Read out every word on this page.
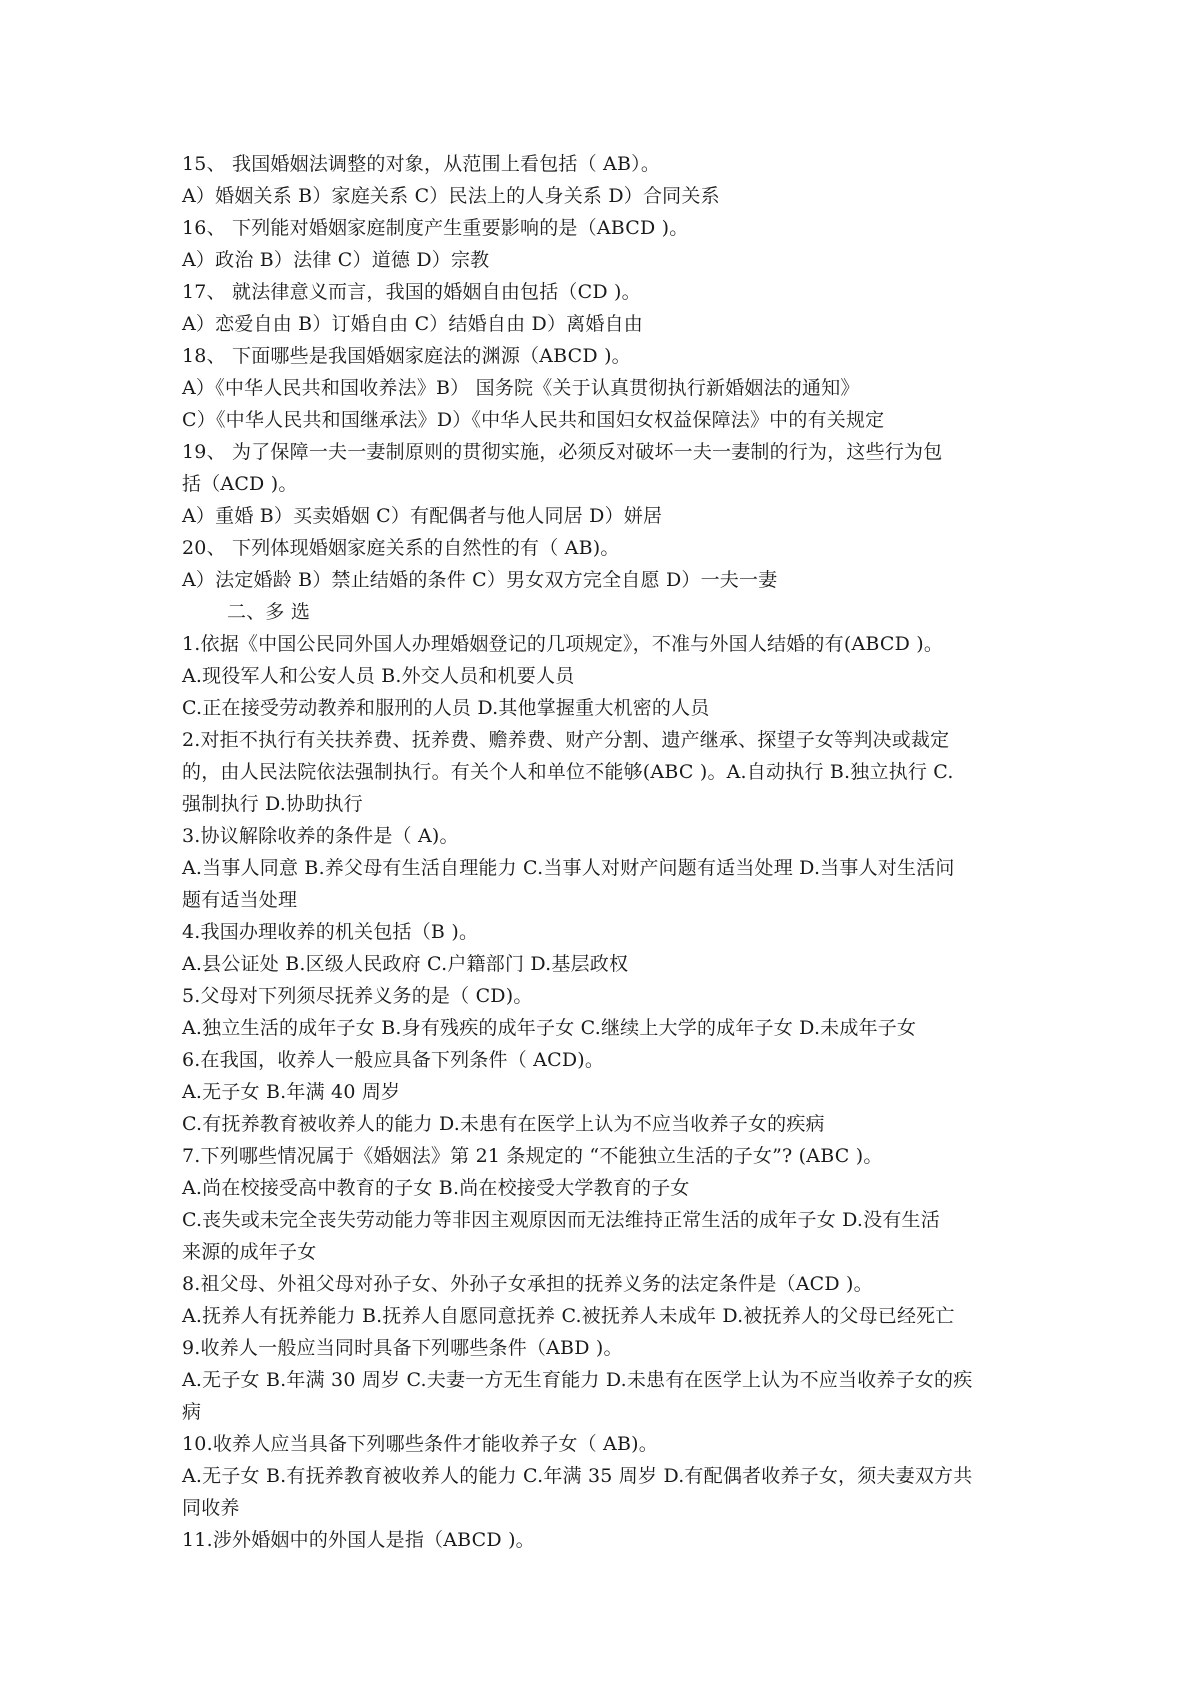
15、 我国婚姻法调整的对象，从范围上看包括（ AB）。
A）婚姻关系 B）家庭关系 C）民法上的人身关系 D）合同关系
16、 下列能对婚姻家庭制度产生重要影响的是（ABCD )。
A）政治 B）法律 C）道德 D）宗教
17、 就法律意义而言，我国的婚姻自由包括（CD )。
A）恋爱自由 B）订婚自由 C）结婚自由 D）离婚自由
18、 下面哪些是我国婚姻家庭法的渊源（ABCD )。
A）《中华人民共和国收养法》B） 国务院《关于认真贯彻执行新婚姻法的通知》
C）《中华人民共和国继承法》D）《中华人民共和国妇女权益保障法》中的有关规定
19、 为了保障一夫一妻制原则的贯彻实施，必须反对破坏一夫一妻制的行为，这些行为包
括（ACD )。
A）重婚 B）买卖婚姻 C）有配偶者与他人同居 D）姘居
20、 下列体现婚姻家庭关系的自然性的有（ AB)。
A）法定婚龄 B）禁止结婚的条件 C）男女双方完全自愿 D）一夫一妻
二、多 选
1.依据《中国公民同外国人办理婚姻登记的几项规定》，不准与外国人结婚的有(ABCD )。
A.现役军人和公安人员 B.外交人员和机要人员
C.正在接受劳动教养和服刑的人员 D.其他掌握重大机密的人员
2.对拒不执行有关扶养费、抚养费、赡养费、财产分割、遗产继承、探望子女等判决或裁定
的，由人民法院依法强制执行。有关个人和单位不能够(ABC )。A.自动执行 B.独立执行 C.
强制执行 D.协助执行
3.协议解除收养的条件是（ A)。
A.当事人同意 B.养父母有生活自理能力 C.当事人对财产问题有适当处理 D.当事人对生活问
题有适当处理
4.我国办理收养的机关包括（B )。
A.县公证处 B.区级人民政府 C.户籍部门 D.基层政权
5.父母对下列须尽抚养义务的是（ CD)。
A.独立生活的成年子女 B.身有残疾的成年子女 C.继续上大学的成年子女 D.未成年子女
6.在我国，收养人一般应具备下列条件（ ACD)。
A.无子女 B.年满 40 周岁
C.有抚养教育被收养人的能力 D.未患有在医学上认为不应当收养子女的疾病
7.下列哪些情况属于《婚姻法》第 21 条规定的 “不能独立生活的子女”? (ABC )。
A.尚在校接受高中教育的子女 B.尚在校接受大学教育的子女
C.丧失或未完全丧失劳动能力等非因主观原因而无法维持正常生活的成年子女 D.没有生活
来源的成年子女
8.祖父母、外祖父母对孙子女、外孙子女承担的抚养义务的法定条件是（ACD )。
A.抚养人有抚养能力 B.抚养人自愿同意抚养 C.被抚养人未成年 D.被抚养人的父母已经死亡
9.收养人一般应当同时具备下列哪些条件（ABD )。
A.无子女 B.年满 30 周岁 C.夫妻一方无生育能力 D.未患有在医学上认为不应当收养子女的疾
病
10.收养人应当具备下列哪些条件才能收养子女（ AB)。
A.无子女 B.有抚养教育被收养人的能力 C.年满 35 周岁 D.有配偶者收养子女，须夫妻双方共
同收养
11.涉外婚姻中的外国人是指（ABCD )。
